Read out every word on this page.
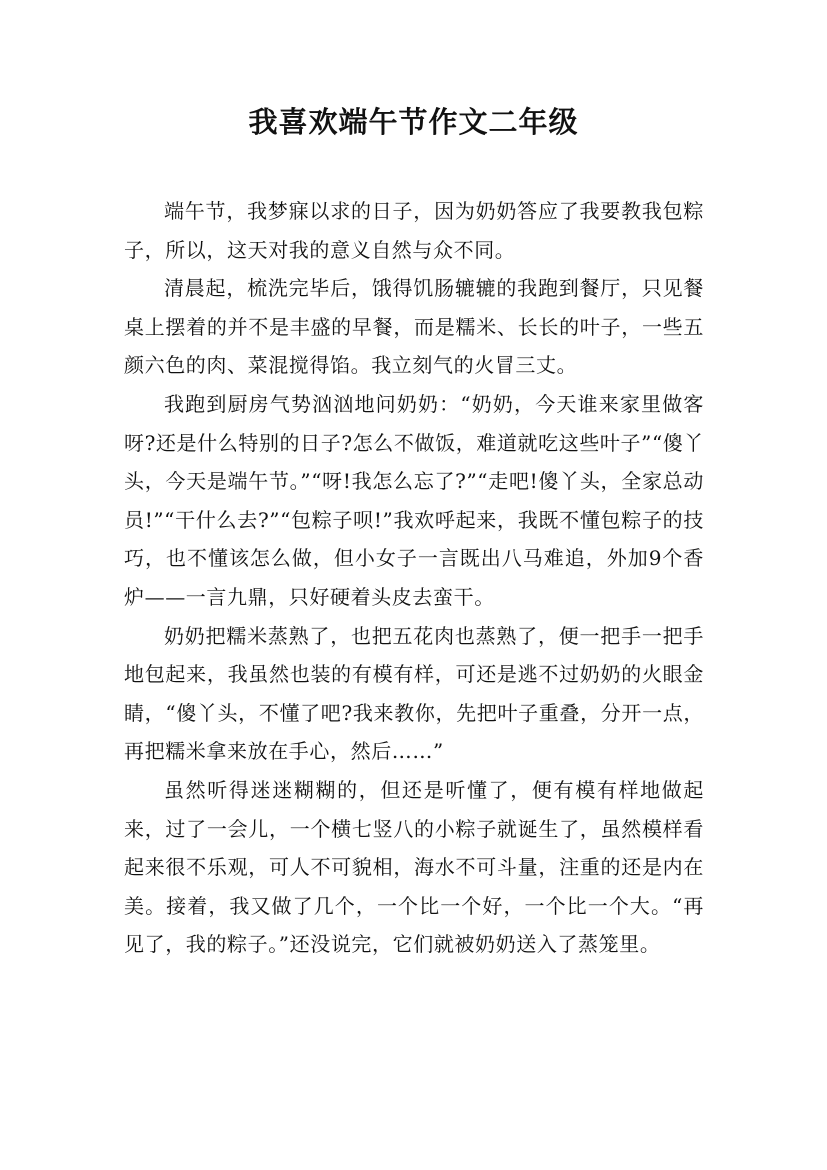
我喜欢端午节作文二年级

端午节，我梦寐以求的日子，因为奶奶答应了我要教我包粽子，所以，这天对我的意义自然与众不同。

清晨起，梳洗完毕后，饿得饥肠辘辘的我跑到餐厅，只见餐桌上摆着的并不是丰盛的早餐，而是糯米、长长的叶子，一些五颜六色的肉、菜混搅得馅。我立刻气的火冒三丈。

我跑到厨房气势汹汹地问奶奶：“奶奶，今天谁来家里做客呀?还是什么特别的日子?怎么不做饭，难道就吃这些叶子”“傻丫头，今天是端午节。”“呀!我怎么忘了?”“走吧!傻丫头，全家总动员!”“干什么去?”“包粽子呗!”我欢呼起来，我既不懂包粽子的技巧，也不懂该怎么做，但小女子一言既出八马难追，外加9个香炉——一言九鼎，只好硬着头皮去蛮干。

奶奶把糯米蒸熟了，也把五花肉也蒸熟了，便一把手一把手地包起来，我虽然也装的有模有样，可还是逃不过奶奶的火眼金睛，“傻丫头，不懂了吧?我来教你，先把叶子重叠，分开一点，再把糯米拿来放在手心，然后……”

虽然听得迷迷糊糊的，但还是听懂了，便有模有样地做起来，过了一会儿，一个横七竖八的小粽子就诞生了，虽然模样看起来很不乐观，可人不可貌相，海水不可斗量，注重的还是内在美。接着，我又做了几个，一个比一个好，一个比一个大。“再见了，我的粽子。”还没说完，它们就被奶奶送入了蒸笼里。
